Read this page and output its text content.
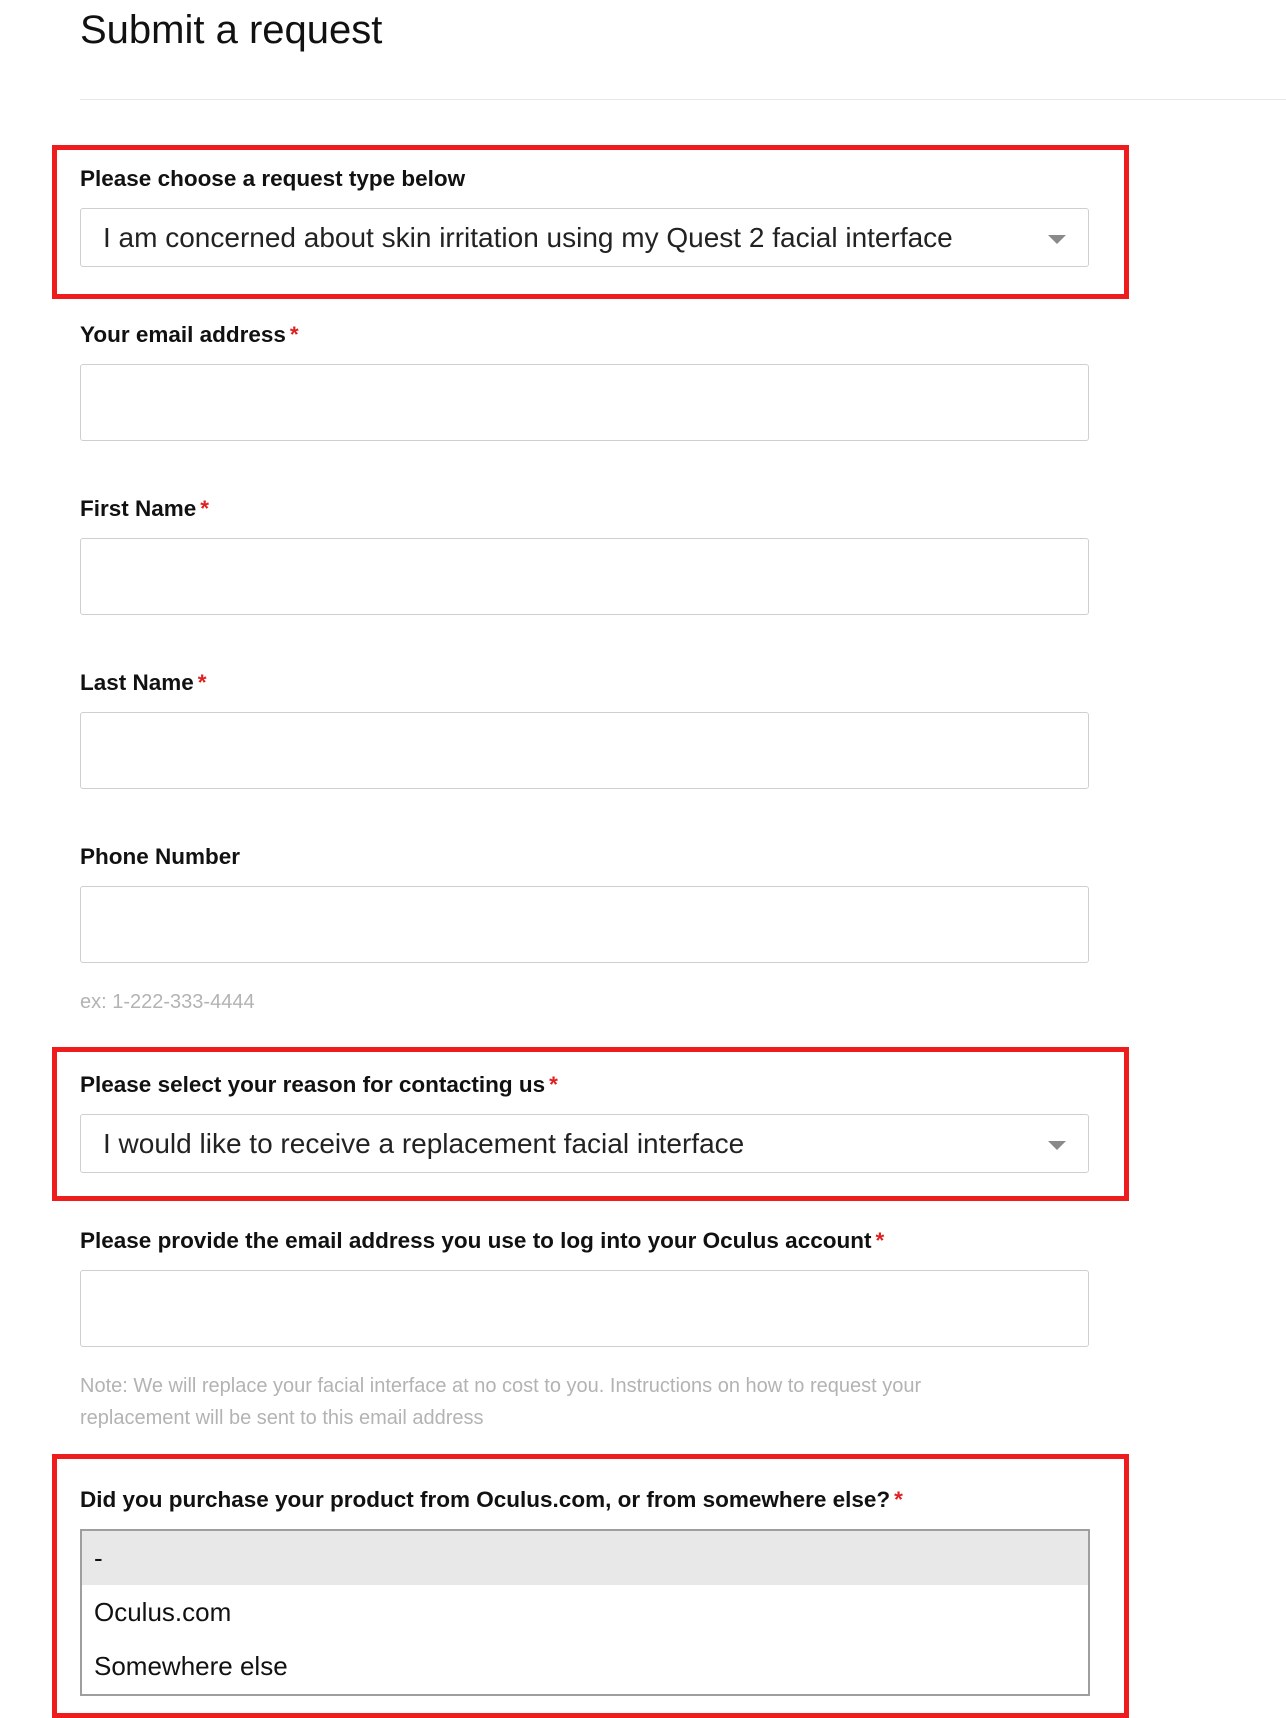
Submit a request
Please choose a request type below
I am concerned about skin irritation using my Quest 2 facial interface
Your email address *
First Name *
Last Name *
Phone Number
ex: 1-222-333-4444
Please select your reason for contacting us *
I would like to receive a replacement facial interface
Please provide the email address you use to log into your Oculus account *
Note: We will replace your facial interface at no cost to you. Instructions on how to request your replacement will be sent to this email address
Did you purchase your product from Oculus.com, or from somewhere else? *
-
Oculus.com
Somewhere else
